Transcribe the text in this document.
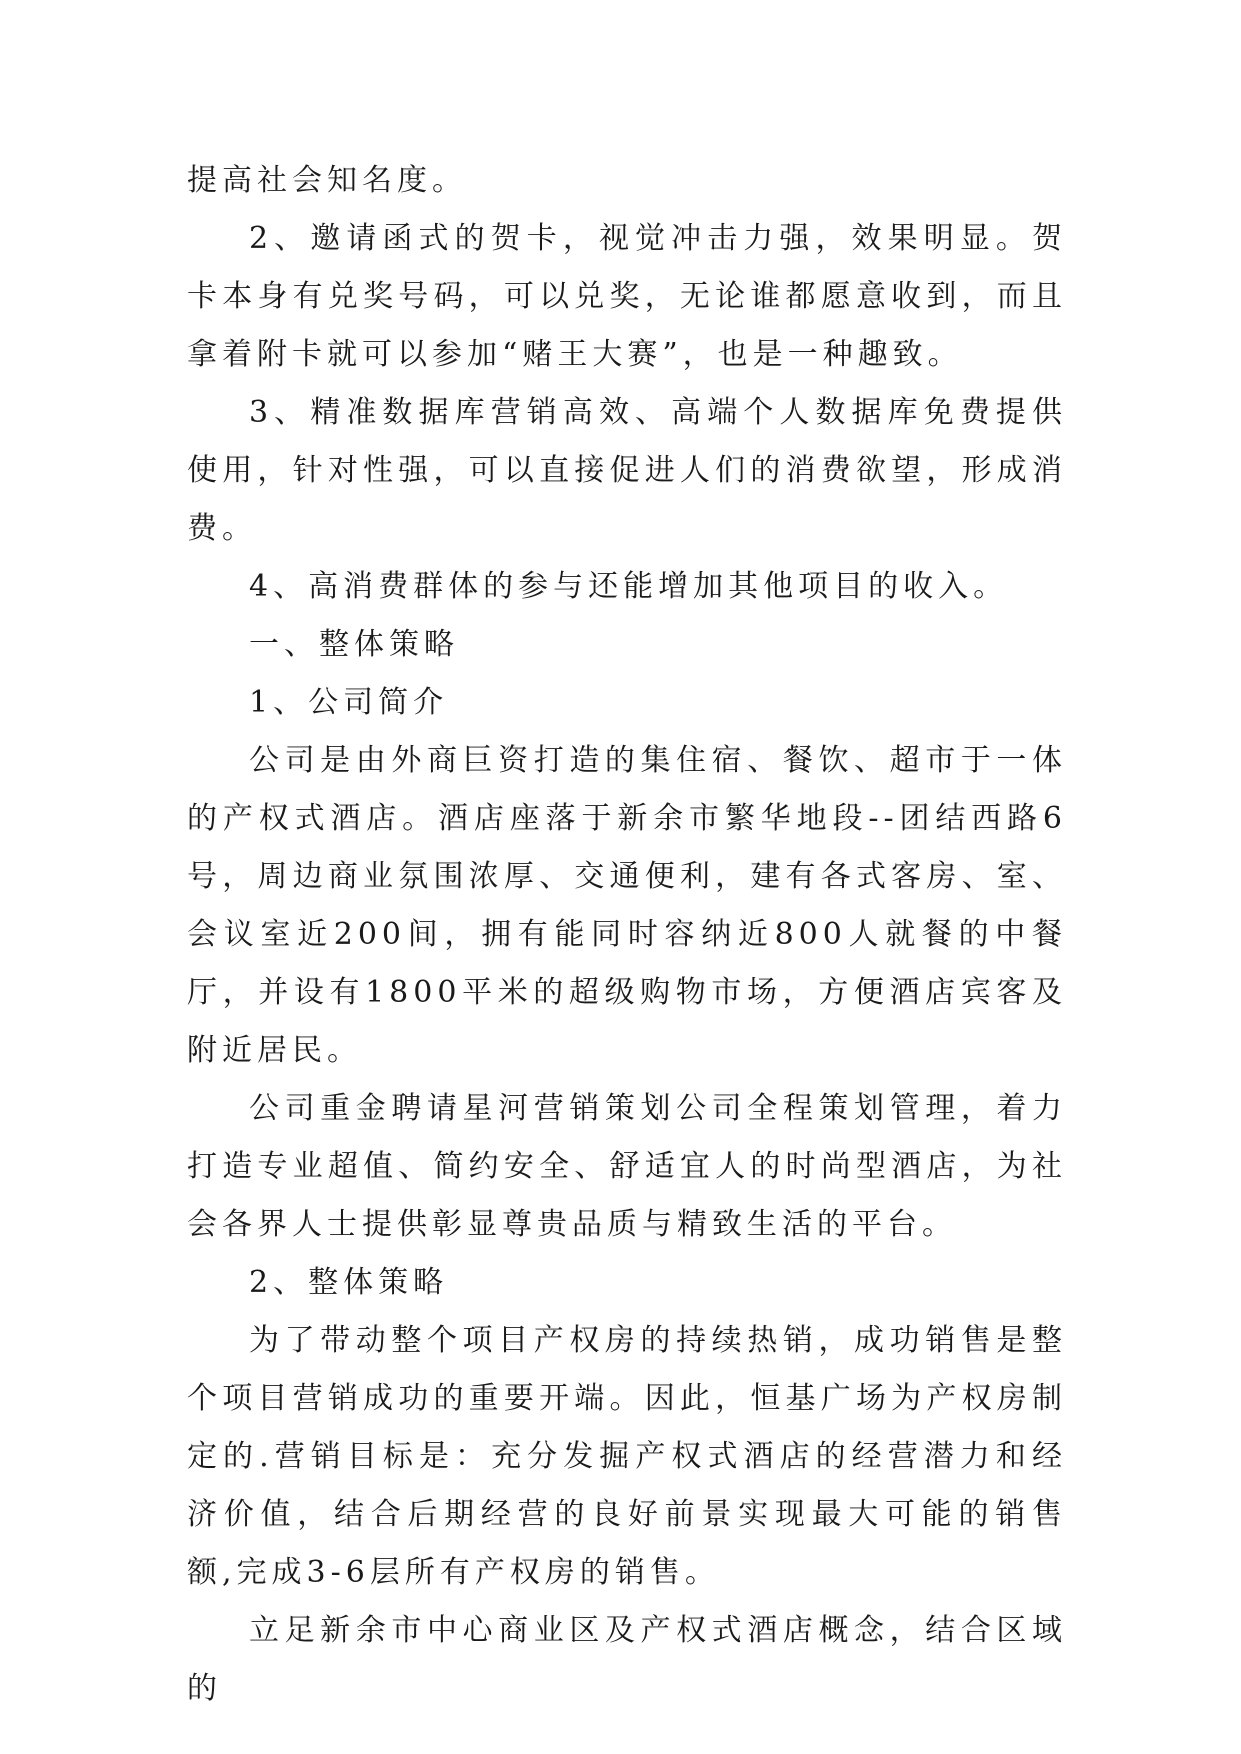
提高社会知名度。

2、邀请函式的贺卡，视觉冲击力强，效果明显。贺卡本身有兑奖号码，可以兑奖，无论谁都愿意收到，而且拿着附卡就可以参加“赌王大赛”，也是一种趣致。

3、精准数据库营销高效、高端个人数据库免费提供使用，针对性强，可以直接促进人们的消费欲望，形成消费。

4、高消费群体的参与还能增加其他项目的收入。

一、整体策略

1、公司简介

公司是由外商巨资打造的集住宿、餐饮、超市于一体的产权式酒店。酒店座落于新余市繁华地段--团结西路6号，周边商业氛围浓厚、交通便利，建有各式客房、室、会议室近200间，拥有能同时容纳近800人就餐的中餐厅，并设有1800平米的超级购物市场，方便酒店宾客及附近居民。

公司重金聘请星河营销策划公司全程策划管理，着力打造专业超值、简约安全、舒适宜人的时尚型酒店，为社会各界人士提供彰显尊贵品质与精致生活的平台。

2、整体策略

为了带动整个项目产权房的持续热销，成功销售是整个项目营销成功的重要开端。因此，恒基广场为产权房制定的.营销目标是：充分发掘产权式酒店的经营潜力和经济价值，结合后期经营的良好前景实现最大可能的销售额,完成3-6层所有产权房的销售。

立足新余市中心商业区及产权式酒店概念，结合区域的
